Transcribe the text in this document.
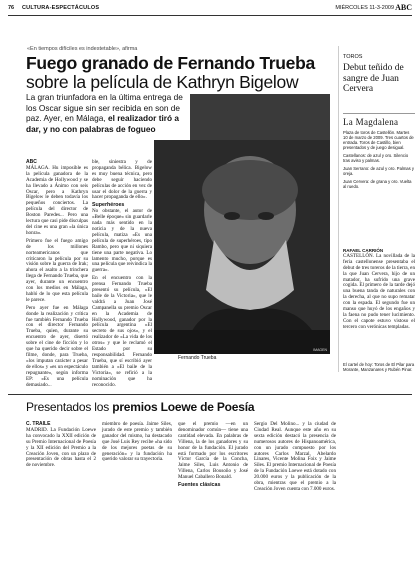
76 CULTURA-ESPECTÁCULOS	MIÉRCOLES 11-3-2009 ABC
«En tiempos difíciles es indestetable», afirma
Fuego granado de Fernando Trueba
sobre la película de Kathryn Bigelow
La gran triunfadora en la última entrega de los Oscar sigue sin ser recibida en son de paz. Ayer, en Málaga, el realizador tiró a dar, y no con palabras de fogueo
ABC
MÁLAGA. Hu imposible es la película ganadora de la Academia de Hollywood y se ha llevado a Ánimo con seis Oscar, pero a Kathryn Bigelow le deben todavía los pequeños conciertos. La película del director de Boston Paredes... Pero una lectura que casi pide disculpas del cine es una gran «la única honra».
Primero fue el fuego amigo de los millones norteamericanos que criticaron la película por su visión sobre la guerra de Irak; ahora el asalto a la trinchera llega de Fernando Trueba, que ayer, durante un encuentro con los medios en Málaga, habló de lo que esta película le parece.
Pero ayer fue en Málaga donde la realización y crítica fue también Fernando Trueba con el director Fernando Trueba, quien, durante su encuentro de ayer, disertó sobre el cine de ficción y lo que ha querido decir sobre el filme, donde, para Trueba, «los imputan carácter a pesar de ellos» y «es un espectáculo repugnante», según informa EP: «Es una película demasiado...
ble, siniestra y de propaganda bélica. Bigelow es muy buena técnica, pero debe seguir haciendo películas de acción en vez de usar el dolor de la guerra y hacer propaganda de ello».
Superhéroes
No obstante, el autor de «Belle époque» sin guardarle nada más sentido en la noticia y de la nueva película, matiza «Es una película de superhéroes, tipo Rambo, pero que ni siquiera tiene una parte negativa. Lo lamento mucho, porque es una película que reivindica la guerra».
En el encuentro con la prensa Fernando Trueba presentó su película, «El baile de la Victoria», que le valdrá a Juan José Campanella su premio Oscar en la Academia de Hollywood, ganador por la película argentina «El secreto de sus ojos», y el realizador de «La vida de los otros» y que le reclamó el Estado por su responsabilidad. Fernando Trueba, que sí escribió ayer también a «El baile de la Victoria», se refirió a la nominación que ha reconocido.
IMAGEN
Fernando Trueba
TOROS
Debut teñido de sangre de Juan Cervera
La Magdalena
Plaza de toros de Castellón. Martes 10 de marzo de 2009. Tres cuartos de entrada. Toros de Castillo, bien presentados y de juego desigual.
Castellanos: de azul y oro. Silencio tras aviso y palmas.
Juan Serrano: de azul y oro. Palmas y oreja.
Juan Cervera: de grana y oro. Vuelta al ruedo.
RAFAEL CARRIÓN
CASTELLÓN. La novillada de la feria castellonense presentaba el debut de tres toreros de la tierra, en la que Juan Cervera, hijo de un matador, ha sufrido una grave cogida. El primero de la tarde dejó una buena tanda de naturales con la derecha, al que no supo rematar con la espada. El segundo fue un manso que huyó de los engaños y la faena no pudo tener lucimiento. Con el capote estuvo vistoso el tercero con verónicas templadas.
El cartel de hoy: Toros de El Pilar para Morante, Manzanares y Rubén Pinar.
Presentados los premios Loewe de Poesía
C. TRAILE
MADRID. La Fundación Loewe ha convocado la XXII edición de su Premio Internacional de Poesía y la XII edición del Premio a la Creación Joven, con un plazo de presentación de obras hasta el 2 de noviembre.
miembro de poesía. Jaime Siles, jurado de este premio y también ganador del mismo, ha destacado que José Luis Rey recibe «ha sido de los mejores poetas de su generación» y la fundación ha querido valorar su trayectoria.
que el premio —en un denominador común— tiene una cantidad elevada. En palabras de Villena, la de los ganadores y su honor de la fundación. El jurado está formado por los escritores Víctor García de la Concha, Jaime Siles, Luis Antonio de Villena, Carlos Bousoño y José Manuel Caballero Bonald.
Fuentes clásicas
Sergio Del Molino... y la ciudad de Ciudad Real. Aunque este año en su sexta edición destacó la presencia de numerosos autores de Hispanoamérica, con un jurado compuesto por los autores Carlos Marzal, Abelardo Linares, Vicente Molina Foix y Jaime Siles. El premio Internacional de Poesía de la Fundación Loewe está dotado con 20.000 euros y la publicación de la obra, mientras que el premio a la Creación Joven cuenta con 7.000 euros.
